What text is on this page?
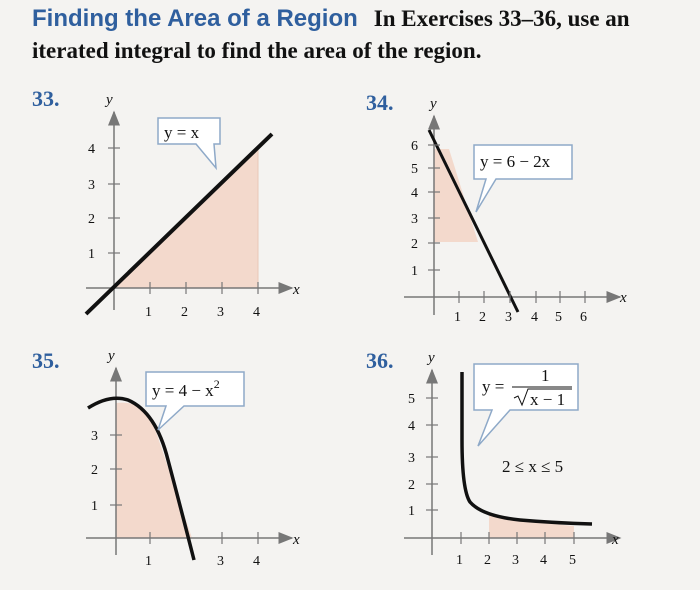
Finding the Area of a Region In Exercises 33–36, use an
iterated integral to find the area of the region.
33.	34.
35.	36.
x
y
1 2 3 4
1
2
3
4
y = x
x
y
1 2 3 4 5 6
1
2
3
4
5
6
y = 6 − 2x
x
y
1	3 4
1
2
3
$y = 4 - x^2$
x
y
1 2 3 4 5
1
2
3
4
5
y =
1
x − 1
2 ≤ x ≤ 5
